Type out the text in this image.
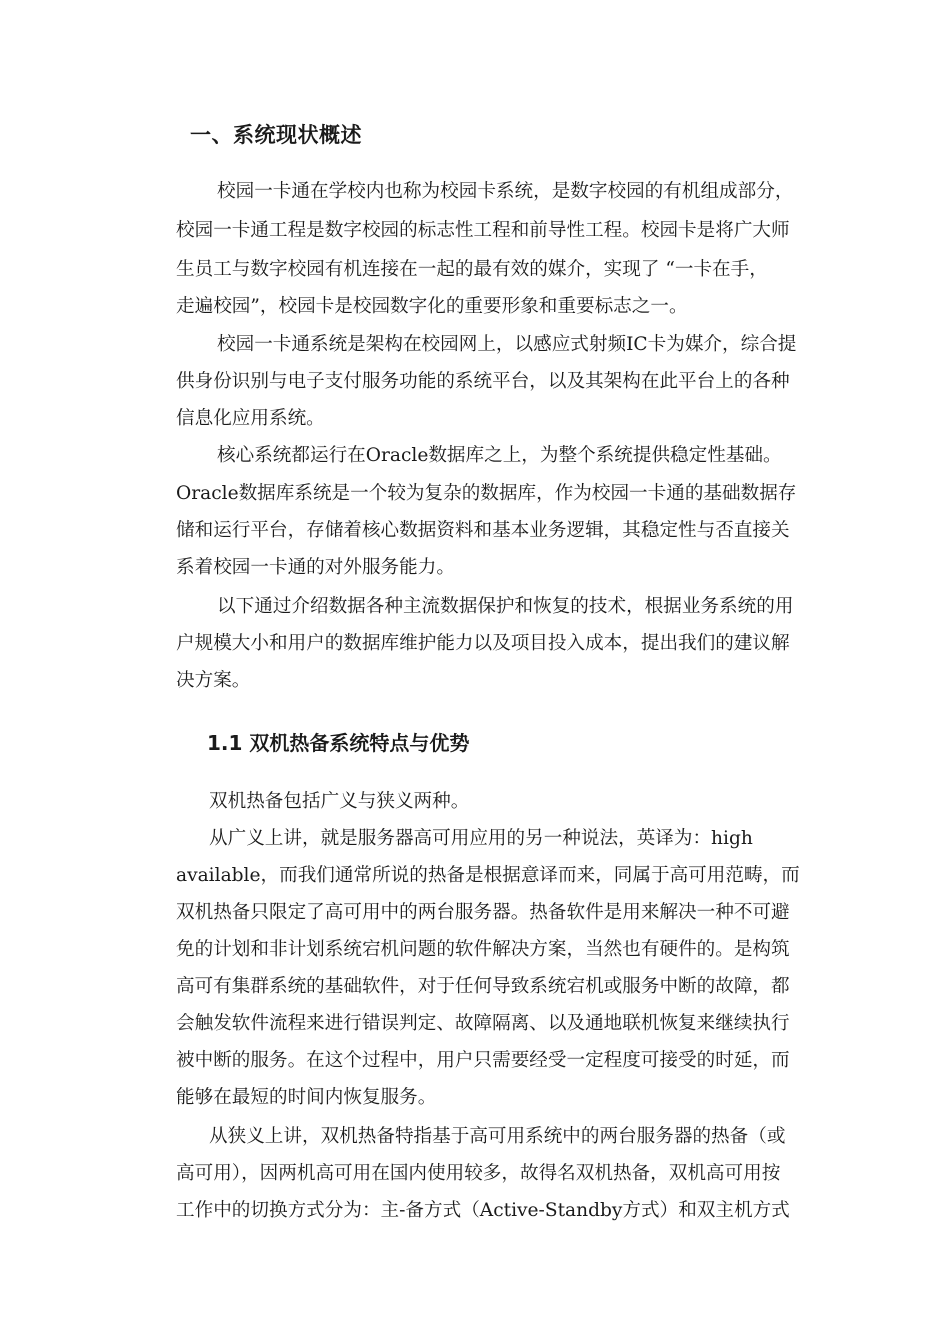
一、系统现状概述

校园一卡通在学校内也称为校园卡系统，是数字校园的有机组成部分，

校园一卡通工程是数字校园的标志性工程和前导性工程。校园卡是将广大师

生员工与数字校园有机连接在一起的最有效的媒介，实现了 “一卡在手，

走遍校园”，校园卡是校园数字化的重要形象和重要标志之一。

校园一卡通系统是架构在校园网上，以感应式射频IC卡为媒介，综合提

供身份识别与电子支付服务功能的系统平台，以及其架构在此平台上的各种

信息化应用系统。

核心系统都运行在Oracle数据库之上，为整个系统提供稳定性基础。

Oracle数据库系统是一个较为复杂的数据库，作为校园一卡通的基础数据存

储和运行平台，存储着核心数据资料和基本业务逻辑，其稳定性与否直接关

系着校园一卡通的对外服务能力。

以下通过介绍数据各种主流数据保护和恢复的技术，根据业务系统的用

户规模大小和用户的数据库维护能力以及项目投入成本，提出我们的建议解

决方案。

1.1 双机热备系统特点与优势

双机热备包括广义与狭义两种。

从广义上讲，就是服务器高可用应用的另一种说法，英译为：high

available，而我们通常所说的热备是根据意译而来，同属于高可用范畴，而

双机热备只限定了高可用中的两台服务器。热备软件是用来解决一种不可避

免的计划和非计划系统宕机问题的软件解决方案，当然也有硬件的。是构筑

高可有集群系统的基础软件，对于任何导致系统宕机或服务中断的故障，都

会触发软件流程来进行错误判定、故障隔离、以及通地联机恢复来继续执行

被中断的服务。在这个过程中，用户只需要经受一定程度可接受的时延，而

能够在最短的时间内恢复服务。

从狭义上讲，双机热备特指基于高可用系统中的两台服务器的热备（或

高可用），因两机高可用在国内使用较多，故得名双机热备，双机高可用按

工作中的切换方式分为：主-备方式（Active-Standby方式）和双主机方式
